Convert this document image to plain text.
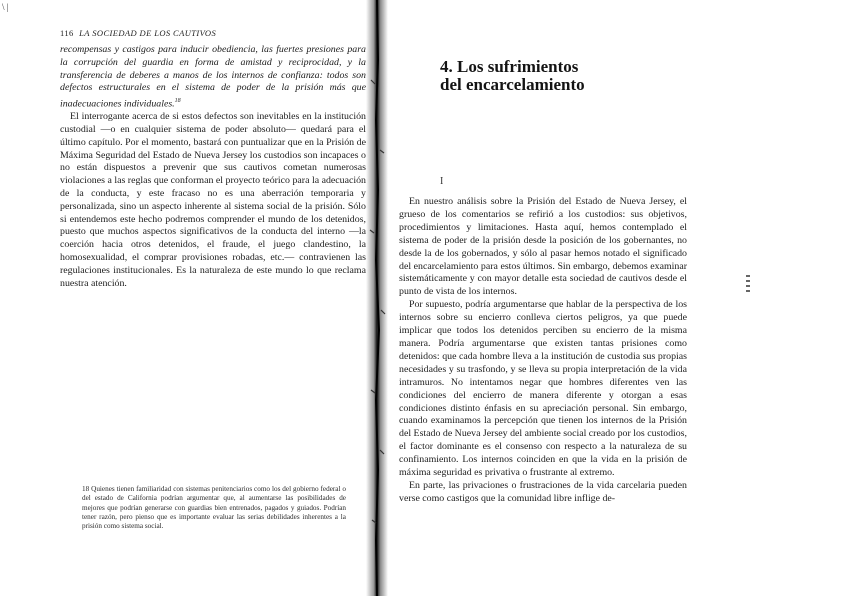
\ |
116 LA SOCIEDAD DE LOS CAUTIVOS

recompensas y castigos para inducir obediencia, las fuertes presiones para la corrupción del guardia en forma de amistad y reciprocidad, y la transferencia de deberes a manos de los internos de confianza: todos son defectos estructurales en el sistema de poder de la prisión más que inadecuaciones individuales.$^{18}$

El interrogante acerca de si estos defectos son inevitables en la institución custodial —o en cualquier sistema de poder absoluto— quedará para el último capítulo. Por el momento, bastará con puntualizar que en la Prisión de Máxima Seguridad del Estado de Nueva Jersey los custodios son incapaces o no están dispuestos a prevenir que sus cautivos cometan numerosas violaciones a las reglas que conforman el proyecto teórico para la adecuación de la conducta, y este fracaso no es una aberración temporaria y personalizada, sino un aspecto inherente al sistema social de la prisión. Sólo si entendemos este hecho podremos comprender el mundo de los detenidos, puesto que muchos aspectos significativos de la conducta del interno —la coerción hacia otros detenidos, el fraude, el juego clandestino, la homosexualidad, el comprar provisiones robadas, etc.— contravienen las regulaciones institucionales. Es la naturaleza de este mundo lo que reclama nuestra atención.

18 Quienes tienen familiaridad con sistemas penitenciarios como los del gobierno federal o del estado de California podrían argumentar que, al aumentarse las posibilidades de mejores que podrían generarse con guardias bien entrenados, pagados y guiados. Podrían tener razón, pero pienso que es importante evaluar las serias debilidades inherentes a la prisión como sistema social.
4. Los sufrimientos
del encarcelamiento
I

En nuestro análisis sobre la Prisión del Estado de Nueva Jersey, el grueso de los comentarios se refirió a los custodios: sus objetivos, procedimientos y limitaciones. Hasta aquí, hemos contemplado el sistema de poder de la prisión desde la posición de los gobernantes, no desde la de los gobernados, y sólo al pasar hemos notado el significado del encarcelamiento para estos últimos. Sin embargo, debemos examinar sistemáticamente y con mayor detalle esta sociedad de cautivos desde el punto de vista de los internos.

Por supuesto, podría argumentarse que hablar de la perspectiva de los internos sobre su encierro conlleva ciertos peligros, ya que puede implicar que todos los detenidos perciben su encierro de la misma manera. Podría argumentarse que existen tantas prisiones como detenidos: que cada hombre lleva a la institución de custodia sus propias necesidades y su trasfondo, y se lleva su propia interpretación de la vida intramuros. No intentamos negar que hombres diferentes ven las condiciones del encierro de manera diferente y otorgan a esas condiciones distinto énfasis en su apreciación personal. Sin embargo, cuando examinamos la percepción que tienen los internos de la Prisión del Estado de Nueva Jersey del ambiente social creado por los custodios, el factor dominante es el consenso con respecto a la naturaleza de su confinamiento. Los internos coinciden en que la vida en la prisión de máxima seguridad es privativa o frustrante al extremo.

En parte, las privaciones o frustraciones de la vida carcelaria pueden verse como castigos que la comunidad libre inflige de-
